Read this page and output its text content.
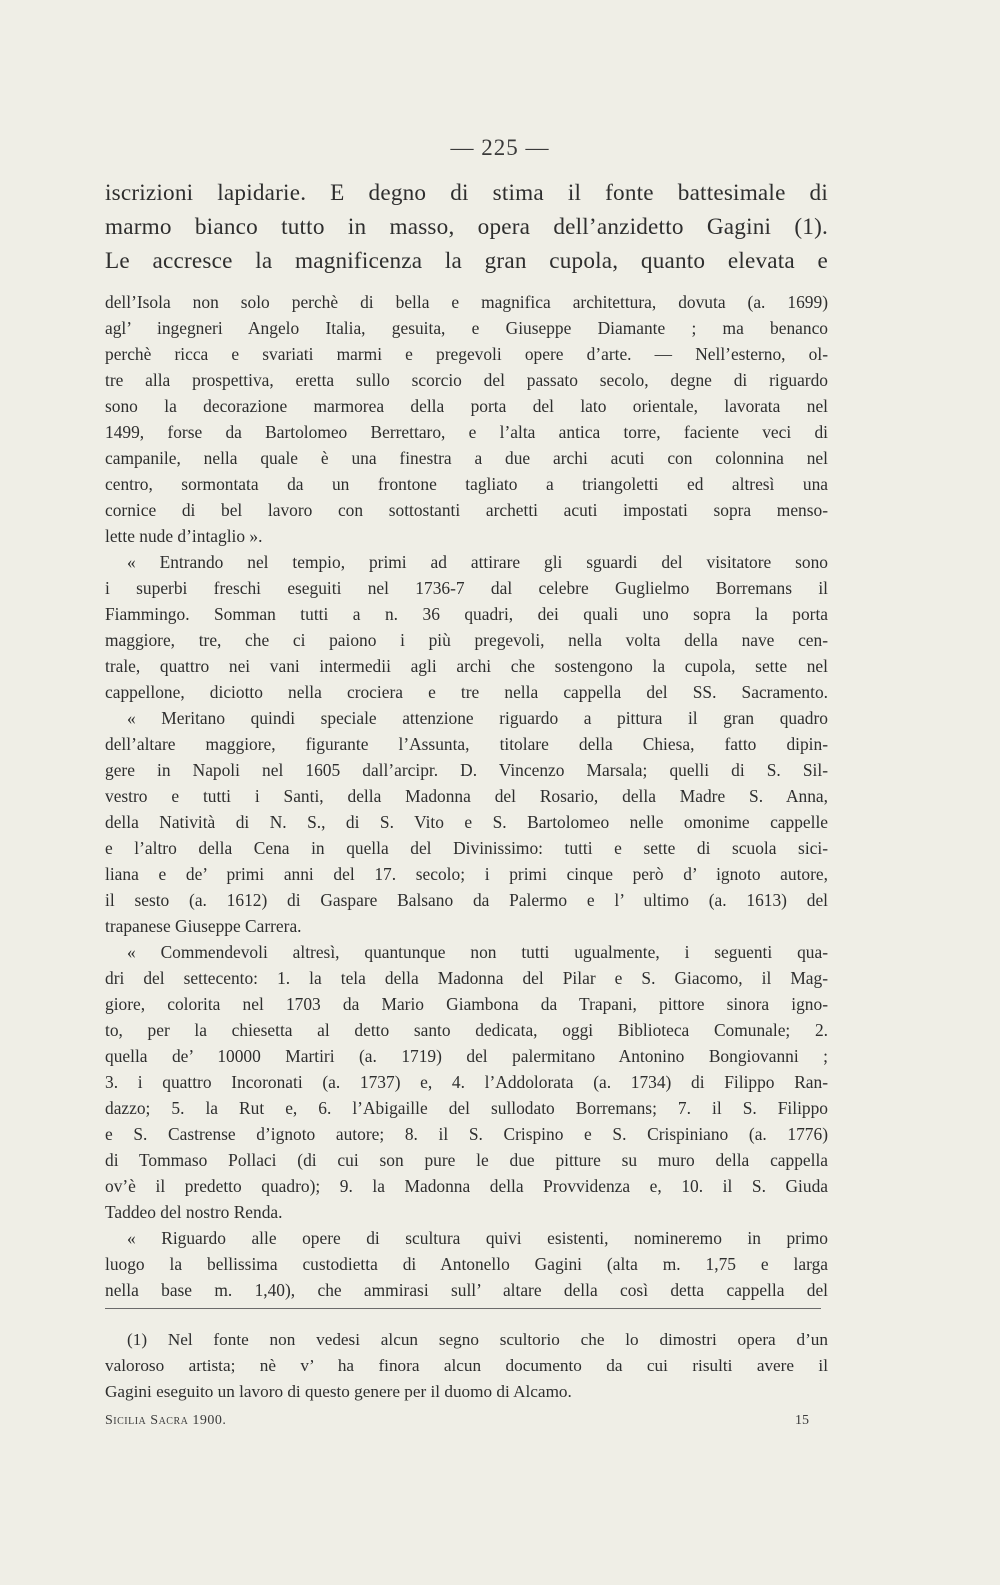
— 225 —
iscrizioni lapidarie. E degno di stima il fonte battesimale di
marmo bianco tutto in masso, opera dell’anzidetto Gagini (1).
Le accresce la magnificenza la gran cupola, quanto elevata e
dell’Isola non solo perchè di bella e magnifica architettura, dovuta (a. 1699)
agl’ ingegneri Angelo Italia, gesuita, e Giuseppe Diamante ; ma benanco
perchè ricca e svariati marmi e pregevoli opere d’arte. — Nell’esterno, ol-
tre alla prospettiva, eretta sullo scorcio del passato secolo, degne di riguardo
sono la decorazione marmorea della porta del lato orientale, lavorata nel
1499, forse da Bartolomeo Berrettaro, e l’alta antica torre, faciente veci di
campanile, nella quale è una finestra a due archi acuti con colonnina nel
centro, sormontata da un frontone tagliato a triangoletti ed altresì una
cornice di bel lavoro con sottostanti archetti acuti impostati sopra menso-
lette nude d’intaglio ».
« Entrando nel tempio, primi ad attirare gli sguardi del visitatore sono
i superbi freschi eseguiti nel 1736-7 dal celebre Guglielmo Borremans il
Fiammingo. Somman tutti a n. 36 quadri, dei quali uno sopra la porta
maggiore, tre, che ci paiono i più pregevoli, nella volta della nave cen-
trale, quattro nei vani intermedii agli archi che sostengono la cupola, sette nel
cappellone, diciotto nella crociera e tre nella cappella del SS. Sacramento.
« Meritano quindi speciale attenzione riguardo a pittura il gran quadro
dell’altare maggiore, figurante l’Assunta, titolare della Chiesa, fatto dipin-
gere in Napoli nel 1605 dall’arcipr. D. Vincenzo Marsala; quelli di S. Sil-
vestro e tutti i Santi, della Madonna del Rosario, della Madre S. Anna,
della Natività di N. S., di S. Vito e S. Bartolomeo nelle omonime cappelle
e l’altro della Cena in quella del Divinissimo: tutti e sette di scuola sici-
liana e de’ primi anni del 17. secolo; i primi cinque però d’ ignoto autore,
il sesto (a. 1612) di Gaspare Balsano da Palermo e l’ ultimo (a. 1613) del
trapanese Giuseppe Carrera.
« Commendevoli altresì, quantunque non tutti ugualmente, i seguenti qua-
dri del settecento: 1. la tela della Madonna del Pilar e S. Giacomo, il Mag-
giore, colorita nel 1703 da Mario Giambona da Trapani, pittore sinora igno-
to, per la chiesetta al detto santo dedicata, oggi Biblioteca Comunale; 2.
quella de’ 10000 Martiri (a. 1719) del palermitano Antonino Bongiovanni ;
3. i quattro Incoronati (a. 1737) e, 4. l’Addolorata (a. 1734) di Filippo Ran-
dazzo; 5. la Rut e, 6. l’Abigaille del sullodato Borremans; 7. il S. Filippo
e S. Castrense d’ignoto autore; 8. il S. Crispino e S. Crispiniano (a. 1776)
di Tommaso Pollaci (di cui son pure le due pitture su muro della cappella
ov’è il predetto quadro); 9. la Madonna della Provvidenza e, 10. il S. Giuda
Taddeo del nostro Renda.
« Riguardo alle opere di scultura quivi esistenti, nomineremo in primo
luogo la bellissima custodietta di Antonello Gagini (alta m. 1,75 e larga
nella base m. 1,40), che ammirasi sull’ altare della così detta cappella del
(1) Nel fonte non vedesi alcun segno scultorio che lo dimostri opera d’un
valoroso artista; nè v’ ha finora alcun documento da cui risulti avere il
Gagini eseguito un lavoro di questo genere per il duomo di Alcamo.
Sicilia Sacra 1900.	15
